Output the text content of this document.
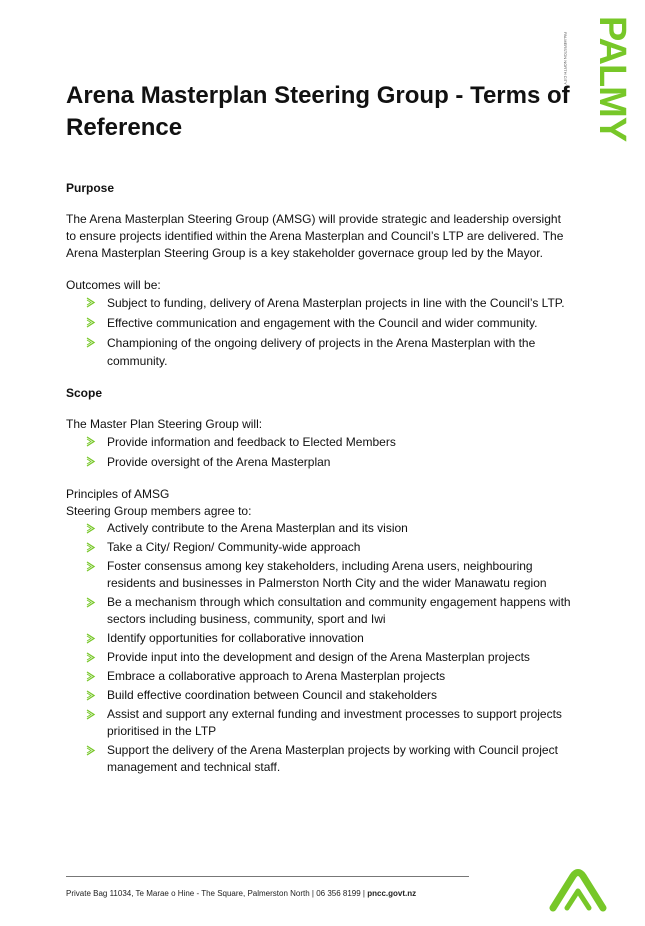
PALMY
PALMERSTON NORTH CITY
Arena Masterplan Steering Group - Terms of Reference
Purpose
The Arena Masterplan Steering Group (AMSG) will provide strategic and leadership oversight to ensure projects identified within the Arena Masterplan and Council’s LTP are delivered. The Arena Masterplan Steering Group is a key stakeholder governace group led by the Mayor.
Outcomes will be:
Subject to funding, delivery of Arena Masterplan projects in line with the Council’s LTP.
Effective communication and engagement with the Council and wider community.
Championing of the ongoing delivery of projects in the Arena Masterplan with the community.
Scope
The Master Plan Steering Group will:
Provide information and feedback to Elected Members
Provide oversight of the Arena Masterplan
Principles of AMSG
Steering Group members agree to:
Actively contribute to the Arena Masterplan and its vision
Take a City/ Region/ Community-wide approach
Foster consensus among key stakeholders, including Arena users, neighbouring residents and businesses in Palmerston North City and the wider Manawatu region
Be a mechanism through which consultation and community engagement happens with sectors including business, community, sport and Iwi
Identify opportunities for collaborative innovation
Provide input into the development and design of the Arena Masterplan projects
Embrace a collaborative approach to Arena Masterplan projects
Build effective coordination between Council and stakeholders
Assist and support any external funding and investment processes to support projects prioritised in the LTP
Support the delivery of the Arena Masterplan projects by working with Council project management and technical staff.
Private Bag 11034, Te Marae o Hine - The Square, Palmerston North | 06 356 8199 | pncc.govt.nz
